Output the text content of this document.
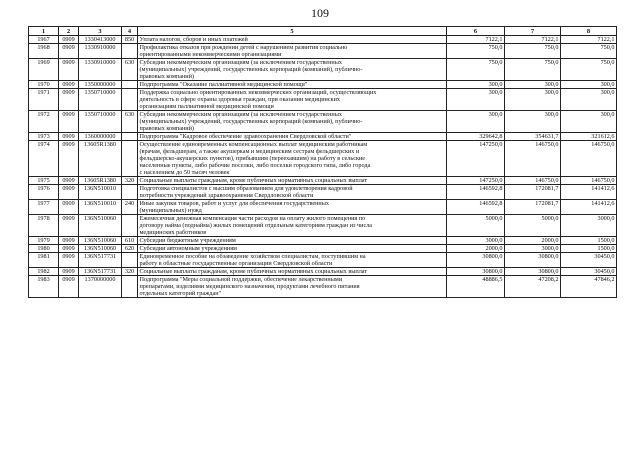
109
1	2	3	4	5	6	7	8
1967	0909	1330413000	850	Уплата налогов, сборов и иных платежей	7122,1	7122,1	7122,1
1968	0909	1330910000		Профилактика отказов при рождении детей с нарушением развития социально
ориентированными некоммерческими организациями	750,0	750,0	750,0
1969	0909	1330910000	630	Субсидии некоммерческим организациям (за исключением государственных
(муниципальных) учреждений, государственных корпораций (компаний), публично-
правовых компаний)	750,0	750,0	750,0
1970	0909	1350000000		Подпрограмма "Оказание паллиативной медицинской помощи"	300,0	300,0	300,0
1971	0909	1350710000		Поддержка социально ориентированных некоммерческих организаций, осуществляющих
деятельность в сфере охраны здоровья граждан, при оказании медицинских
организациям паллиативной медицинской помощи	300,0	300,0	300,0
1972	0909	1350710000	630	Субсидии некоммерческим организациям (за исключением государственных
(муниципальных) учреждений, государственных корпораций (компаний), публично-
правовых компаний)	300,0	300,0	300,0
1973	0909	1360000000		Подпрограмма "Кадровое обеспечение здравоохранения Свердловской области"	329642,8	354631,7	321612,6
1974	0909	13605R1380		Осуществление единовременных компенсационных выплат медицинским работникам
(врачам, фельдшерам, а также акушеркам и медицинским сестрам фельдшерских и
фельдшерско-акушерских пунктов), прибывшим (переехавшим) на работу в сельские
населенные пункты, либо рабочие поселки, либо поселки городского типа, либо города
с населением до 50 тысяч человек	147250,0	146750,0	146750,0
1975	0909	13605R1380	320	Социальные выплаты гражданам, кроме публичных нормативных социальных выплат	147250,0	146750,0	146750,0
1976	0909	136N510010		Подготовка специалистов с высшим образованием для удовлетворения кадровой
потребности учреждений здравоохранения Свердловской области	146592,8	172081,7	141412,6
1977	0909	136N510010	240	Иные закупки товаров, работ и услуг для обеспечения государственных
(муниципальных) нужд	146592,8	172081,7	141412,6
1978	0909	136N510060		Ежемесячная денежная компенсация части расходов на оплату жилого помещения по
договору найма (поднайма) жилых помещений отдельным категориям граждан из числа
медицинских работников	5000,0	5000,0	3000,0
1979	0909	136N510060	610	Субсидии бюджетным учреждениям	3000,0	2000,0	1500,0
1980	0909	136N510060	620	Субсидии автономным учреждениям	2000,0	3000,0	1500,0
1981	0909	136N517731		Единовременное пособие на обзаведение хозяйством специалистам, поступившим на
работу в областные государственные организации Свердловской области	30800,0	30800,0	30450,0
1982	0909	136N517731	320	Социальные выплаты гражданам, кроме публичных нормативных социальных выплат	30800,0	30800,0	30450,0
1983	0909	1370000000		Подпрограмма "Меры социальной поддержки, обеспечение лекарственными
препаратами, изделиями медицинского назначения, продуктами лечебного питания
отдельных категорий граждан"	48886,5	47208,2	47846,2
